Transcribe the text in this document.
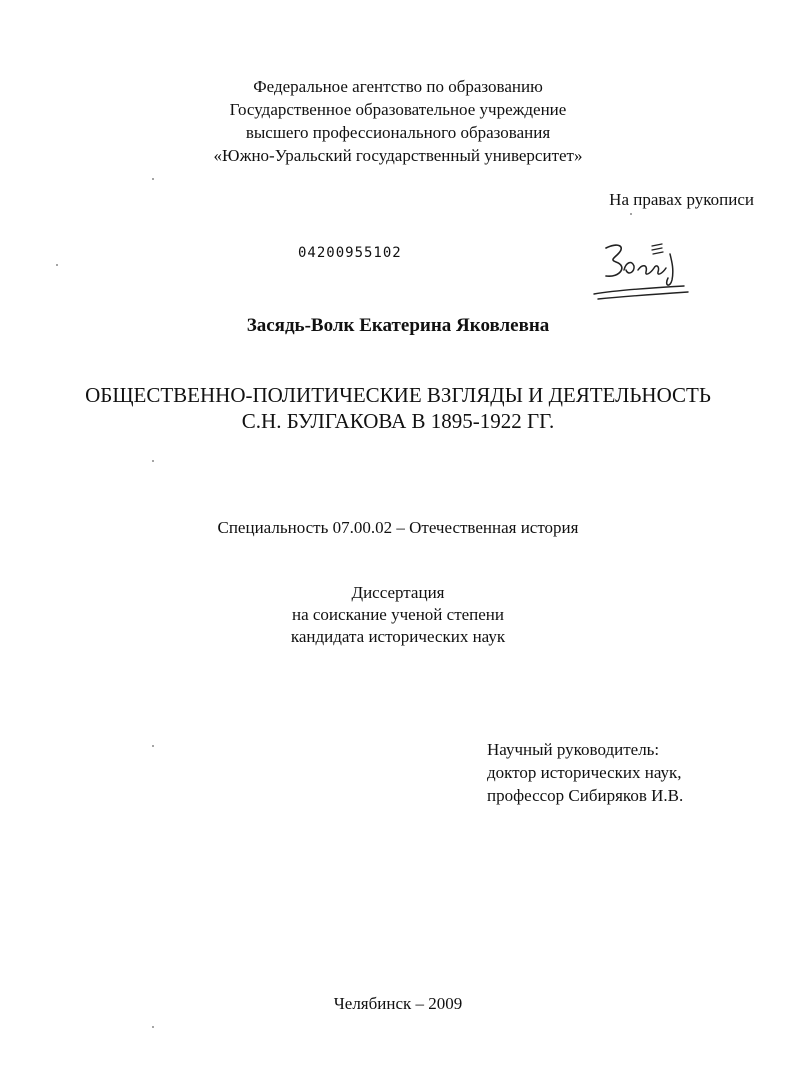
Федеральное агентство по образованию
Государственное образовательное учреждение
высшего профессионального образования
«Южно-Уральский государственный университет»
На правах рукописи
04200955102
Засядь-Волк Екатерина Яковлевна
ОБЩЕСТВЕННО-ПОЛИТИЧЕСКИЕ ВЗГЛЯДЫ И ДЕЯТЕЛЬНОСТЬ
С.Н. БУЛГАКОВА В 1895-1922 ГГ.
Специальность 07.00.02 – Отечественная история
Диссертация
на соискание ученой степени
кандидата исторических наук
Научный руководитель:
доктор исторических наук,
профессор Сибиряков И.В.
Челябинск – 2009
